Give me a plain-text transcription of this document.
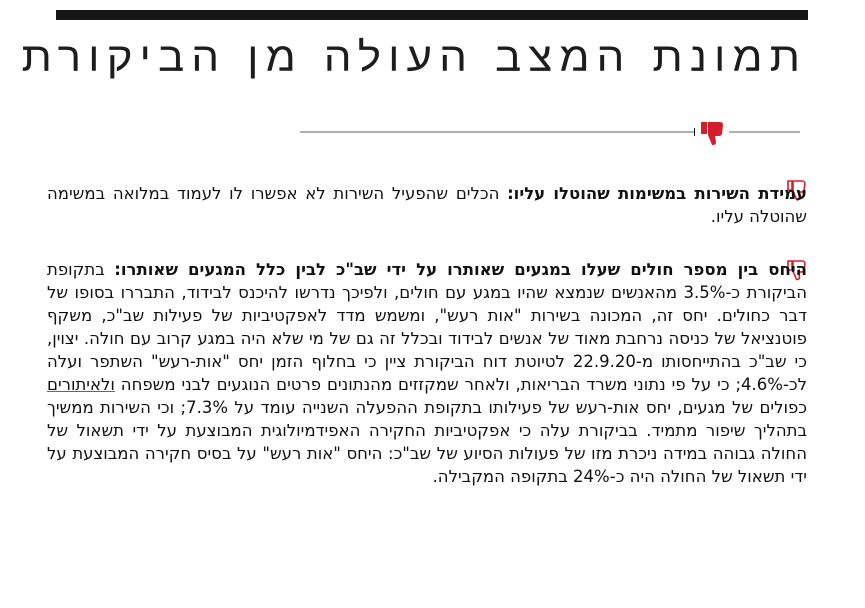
תמונת המצב העולה מן הביקורת
עמידת השירות במשימות שהוטלו עליו: הכלים שהפעיל השירות לא אפשרו לו לעמוד במלואה במשימה שהוטלה עליו.
היחס בין מספר חולים שעלו במגעים שאותרו על ידי שב"כ לבין כלל המגעים שאותרו: בתקופת הביקורת כ-3.5% מהאנשים שנמצא שהיו במגע עם חולים, ולפיכך נדרשו להיכנס לבידוד, התבררו בסופו של דבר כחולים. יחס זה, המכונה בשירות "אות רעש", ומשמש מדד לאפקטיביות של פעילות שב"כ, משקף פוטנציאל של כניסה נרחבת מאוד של אנשים לבידוד ובכלל זה גם של מי שלא היה במגע קרוב עם חולה. יצוין, כי שב"כ בהתייחסותו מ-22.9.20 לטיוטת דוח הביקורת ציין כי בחלוף הזמן יחס "אות-רעש" השתפר ועלה לכ-4.6%; כי על פי נתוני משרד הבריאות, ולאחר שמקזזים מהנתונים פרטים הנוגעים לבני משפחה ולאיתורים כפולים של מגעים, יחס אות-רעש של פעילותו בתקופת ההפעלה השנייה עומד על 7.3%; וכי השירות ממשיך בתהליך שיפור מתמיד. בביקורת עלה כי אפקטיביות החקירה האפידמיולוגית המבוצעת על ידי תשאול של החולה גבוהה במידה ניכרת מזו של פעולות הסיוע של שב"כ: היחס "אות רעש" על בסיס חקירה המבוצעת על ידי תשאול של החולה היה כ-24% בתקופה המקבילה.
